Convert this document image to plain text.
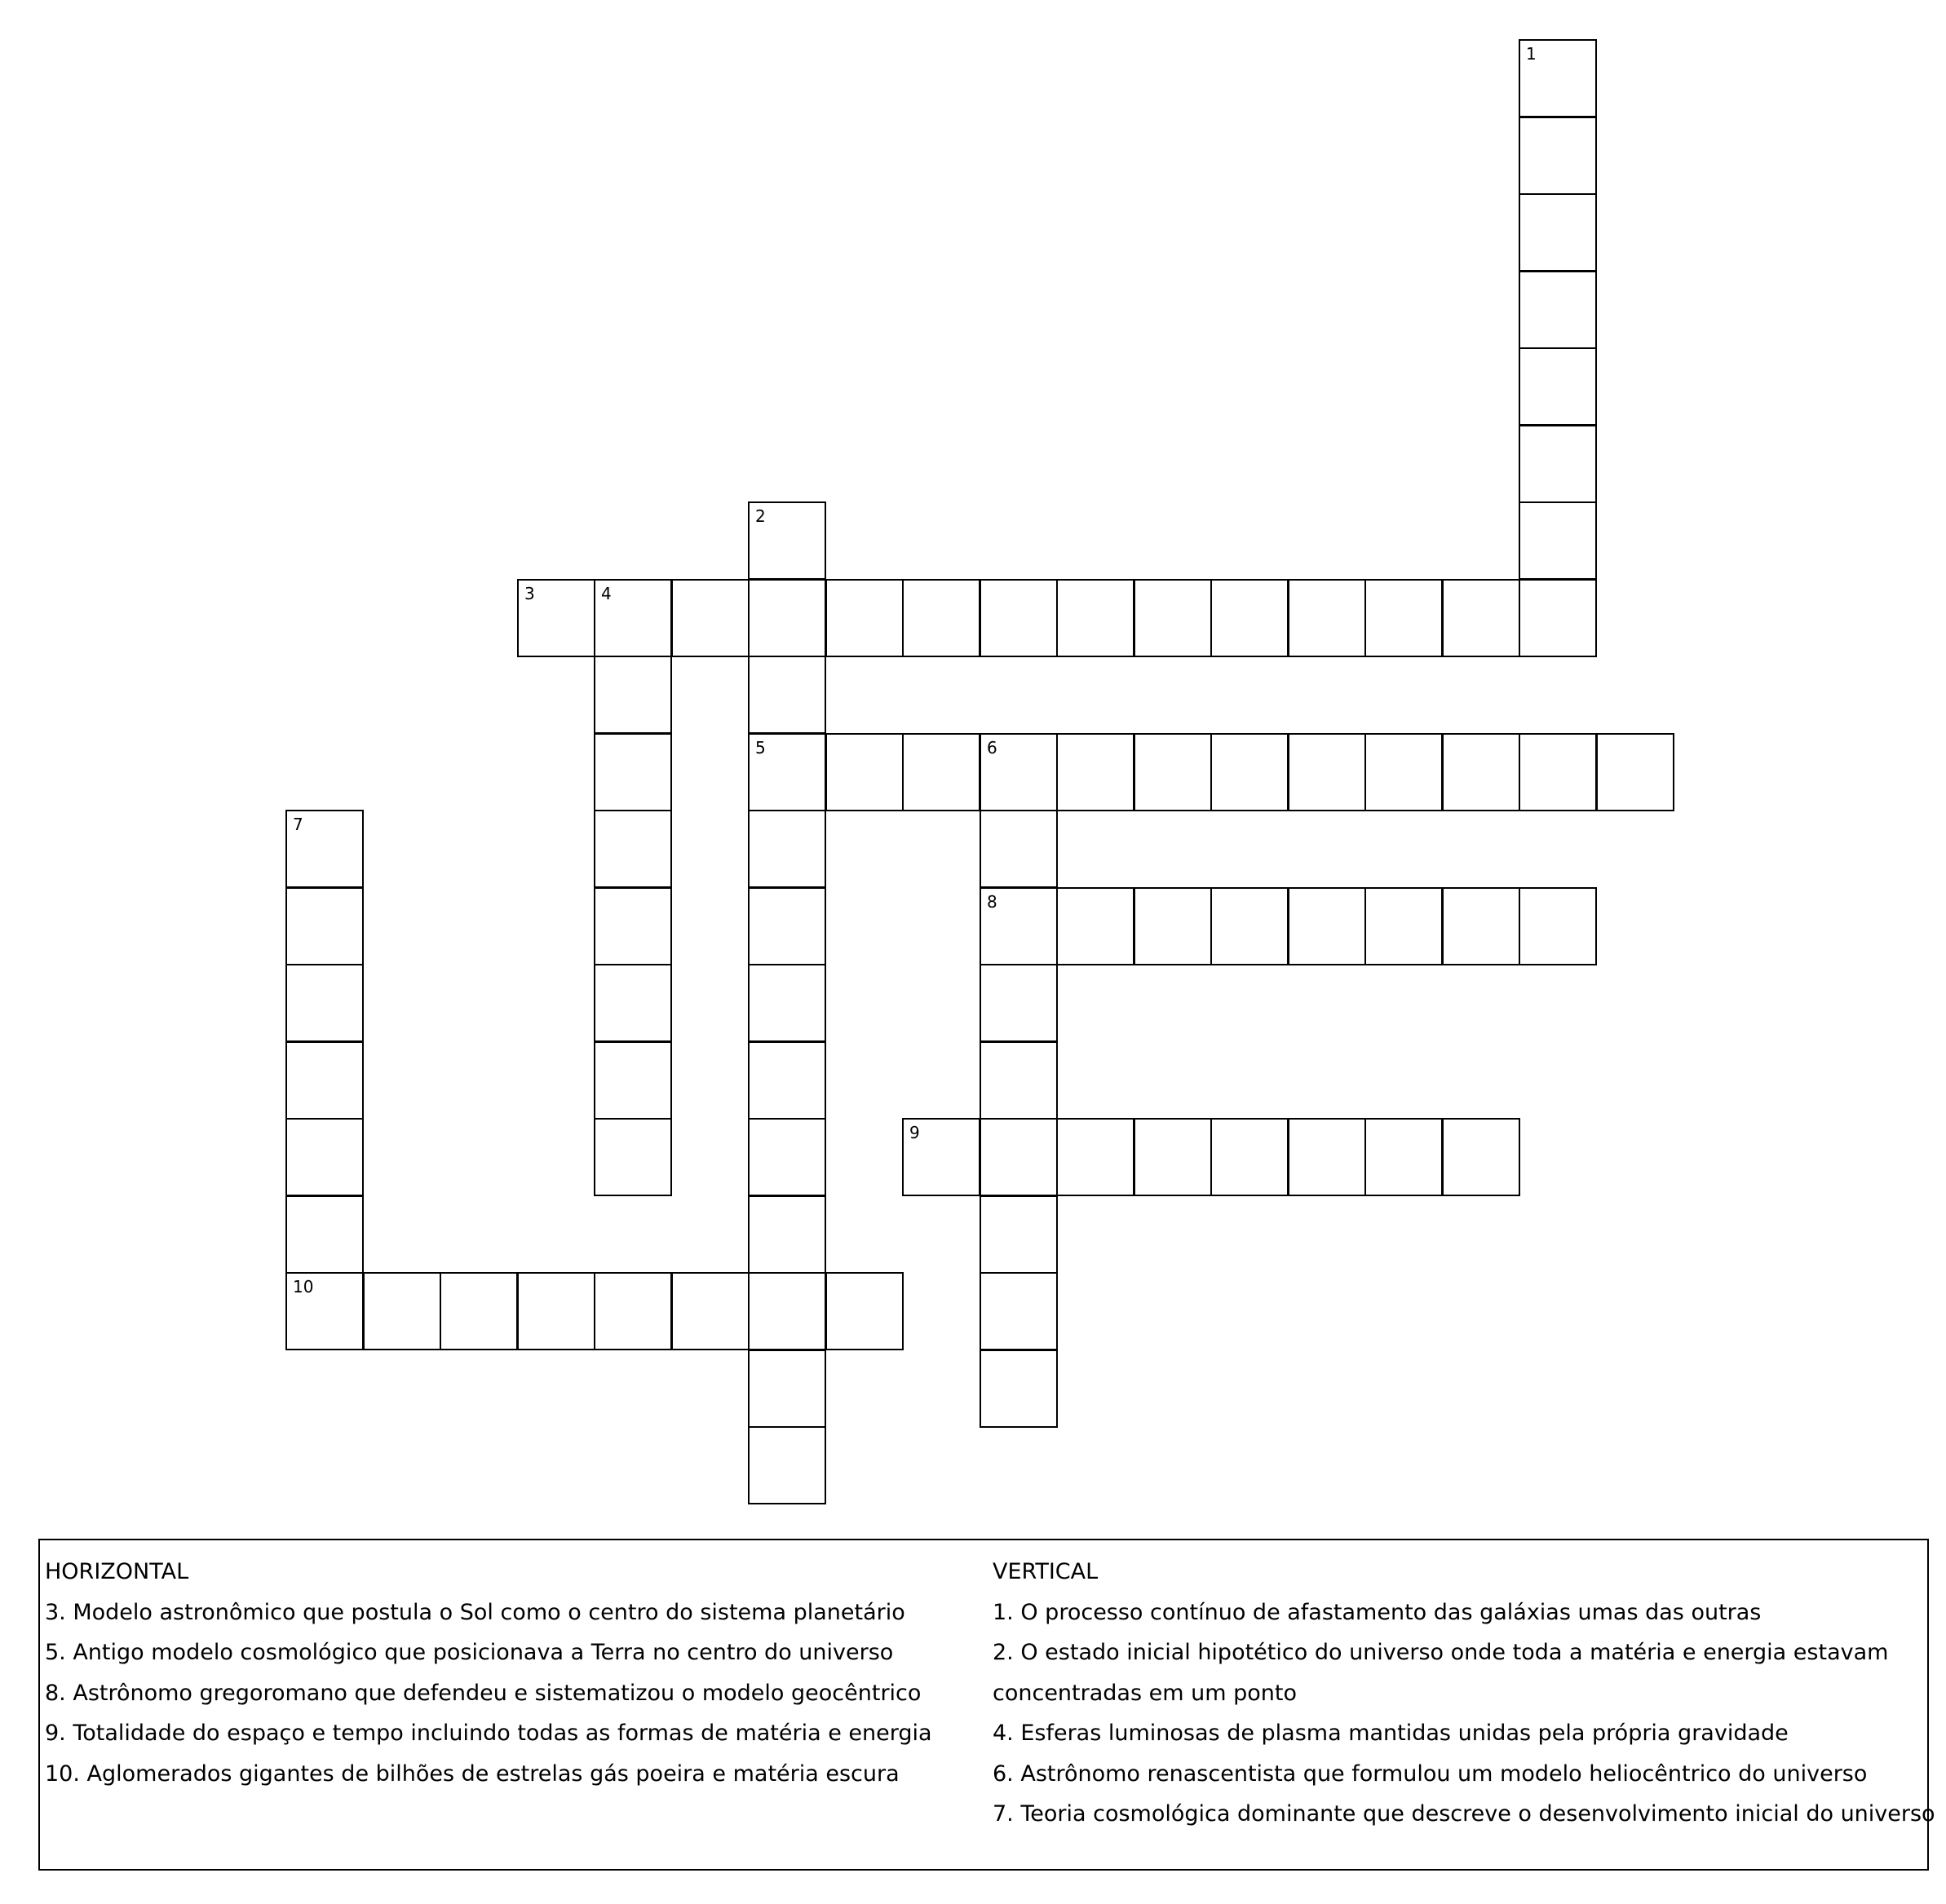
1
2
5
3	4
6
8
7
10
9
HORIZONTAL
3. Modelo astronômico que postula o Sol como o centro do sistema planetário
5. Antigo modelo cosmológico que posicionava a Terra no centro do universo
8. Astrônomo gregoromano que defendeu e sistematizou o modelo geocêntrico
9. Totalidade do espaço e tempo incluindo todas as formas de matéria e energia
10. Aglomerados gigantes de bilhões de estrelas gás poeira e matéria escura
VERTICAL
1. O processo contínuo de afastamento das galáxias umas das outras
2. O estado inicial hipotético do universo onde toda a matéria e energia estavam concentradas em um ponto
4. Esferas luminosas de plasma mantidas unidas pela própria gravidade
6. Astrônomo renascentista que formulou um modelo heliocêntrico do universo
7. Teoria cosmológica dominante que descreve o desenvolvimento inicial do universo
